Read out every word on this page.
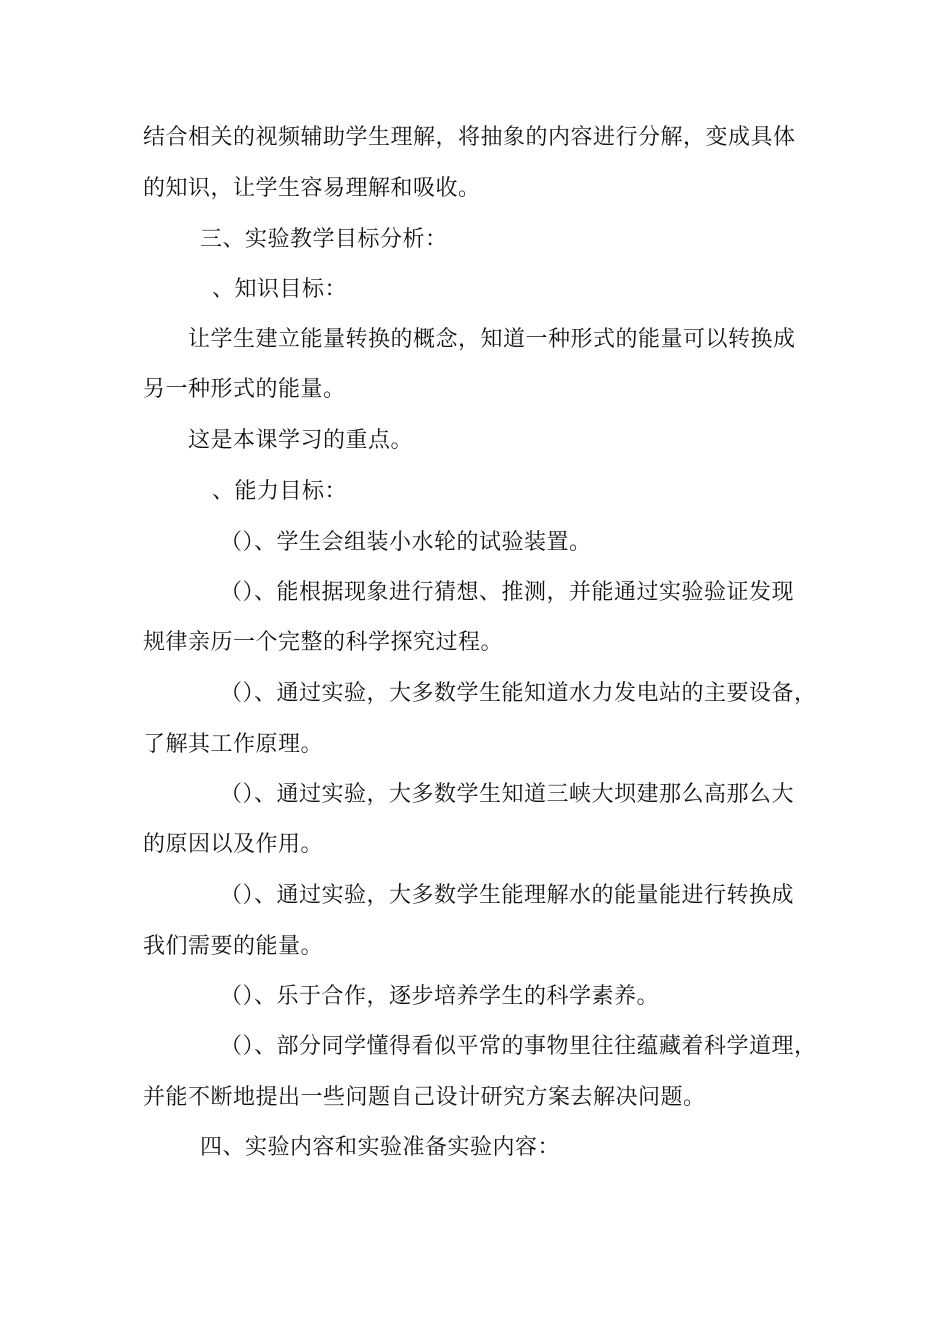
结合相关的视频辅助学生理解，将抽象的内容进行分解，变成具体
的知识，让学生容易理解和吸收。
三、实验教学目标分析：
、知识目标：
让学生建立能量转换的概念，知道一种形式的能量可以转换成
另一种形式的能量。
这是本课学习的重点。
、能力目标：
（）、学生会组装小水轮的试验装置。
（）、能根据现象进行猜想、推测，并能通过实验验证发现
规律亲历一个完整的科学探究过程。
（）、通过实验，大多数学生能知道水力发电站的主要设备，
了解其工作原理。
（）、通过实验，大多数学生知道三峡大坝建那么高那么大
的原因以及作用。
（）、通过实验，大多数学生能理解水的能量能进行转换成
我们需要的能量。
（）、乐于合作，逐步培养学生的科学素养。
（）、部分同学懂得看似平常的事物里往往蕴藏着科学道理，
并能不断地提出一些问题自己设计研究方案去解决问题。
四、实验内容和实验准备实验内容：
